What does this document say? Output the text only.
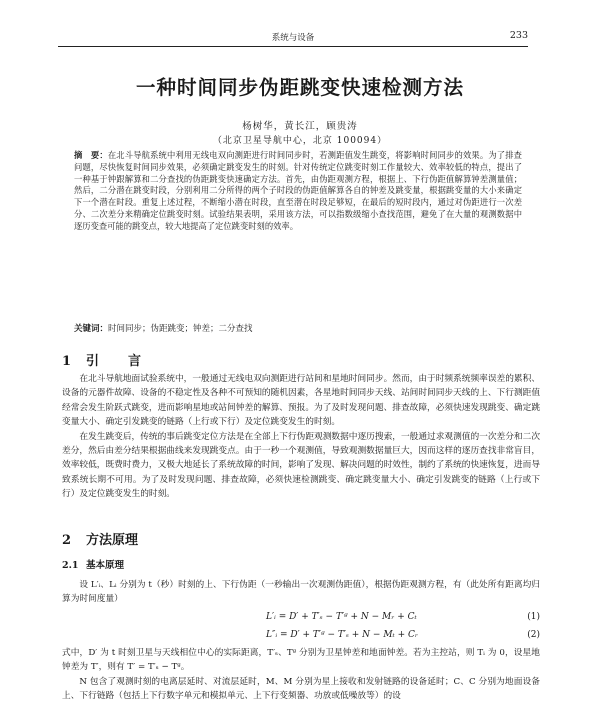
系统与设备	233
一种时间同步伪距跳变快速检测方法
杨树华，黄长江，顾贵涛
（北京卫星导航中心，北京 100094）
摘　要：在北斗导航系统中利用无线电双向测距进行时间同步时，若测距值发生跳变，将影响时间同步的效果。为了排查问题，尽快恢复时间同步效果，必须确定跳变发生的时刻。针对传统定位跳变时刻工作量较大、效率较低的特点，提出了一种基于钟跟解算和二分查找的伪距跳变快速确定方法。首先，由伪距观测方程，根据上、下行伪距值解算钟差测量值；然后，二分潜在跳变时段，分别利用二分所得的两个子时段的伪距值解算各自的钟差及跳变量，根据跳变量的大小来确定下一个潜在时段。重复上述过程，不断缩小潜在时段，直至潜在时段足够短，在最后的短时段内，通过对伪距进行一次差分、二次差分来精确定位跳变时刻。试验结果表明，采用该方法，可以指数级缩小查找范围，避免了在大量的观测数据中逐历变查可能的跳变点，较大地提高了定位跳变时刻的效率。
关键词：时间同步；伪距跳变；钟差；二分查找
1 引　言

在北斗导航地面试验系统中，一般通过无线电双向测距进行站间和星地时间同步。然而，由于时频系统频率误差的累积、设备的元器件故障、设备的不稳定性及各种不可预知的随机因素，各星地时间同步天线、站间时间同步天线的上、下行测距值经常会发生阶跃式跳变，进而影响星地或站间钟差的解算、预报。为了及时发现问题、排查故障，必须快速发现跳变、确定跳变量大小、确定引发跳变的链路（上行或下行）及定位跳变发生的时刻。

在发生跳变后，传统的事后跳变定位方法是在全部上下行伪距观测数据中逐历搜索，一般通过求观测值的一次差分和二次差分，然后由差分结果根据曲线来发现跳变点。由于一秒一个观测值，导致观测数据量巨大，因而这样的逐历查找非常盲目，效率较低，既费时费力，又极大地延长了系统故障的时间，影响了发现、解决问题的时效性，制约了系统的快速恢复，进而导致系统长期不可用。为了及时发现问题、排查故障，必须快速检测跳变、确定跳变量大小、确定引发跳变的链路（上行或下行）及定位跳变发生的时刻。

2 方法原理
2.1 基本原理

设 L′ᵢ、Lᵢ 分别为 t（秒）时刻的上、下行伪距（一秒输出一次观测伪距值），根据伪距观测方程，有（此处所有距离均归算为时间度量）

L′ᵢ = D′ + T′ₛ − T′ᵍ + N − Mᵣ + Cₜ	(1)
L″ᵢ = D′ + T′ᵍ − T′ₛ + N − Mₜ + Cᵣ	(2)

式中，D′ 为 t 时刻卫星与天线相位中心的实际距离，T′ₛ、Tᵍ 分别为卫星钟差和地面钟差。若为主控站，则 Tᵢ 为 0，设星地钟差为 T′，则有 T′ = T′ₛ − Tᵍ。

N 包含了观测时刻的电离层延时、对流层延时，M、M 分别为星上接收和发射链路的设备延时；C、C 分别为地面设备上、下行链路（包括上下行数字单元和模拟单元、上下行变频器、功放或低噪放等）的设
